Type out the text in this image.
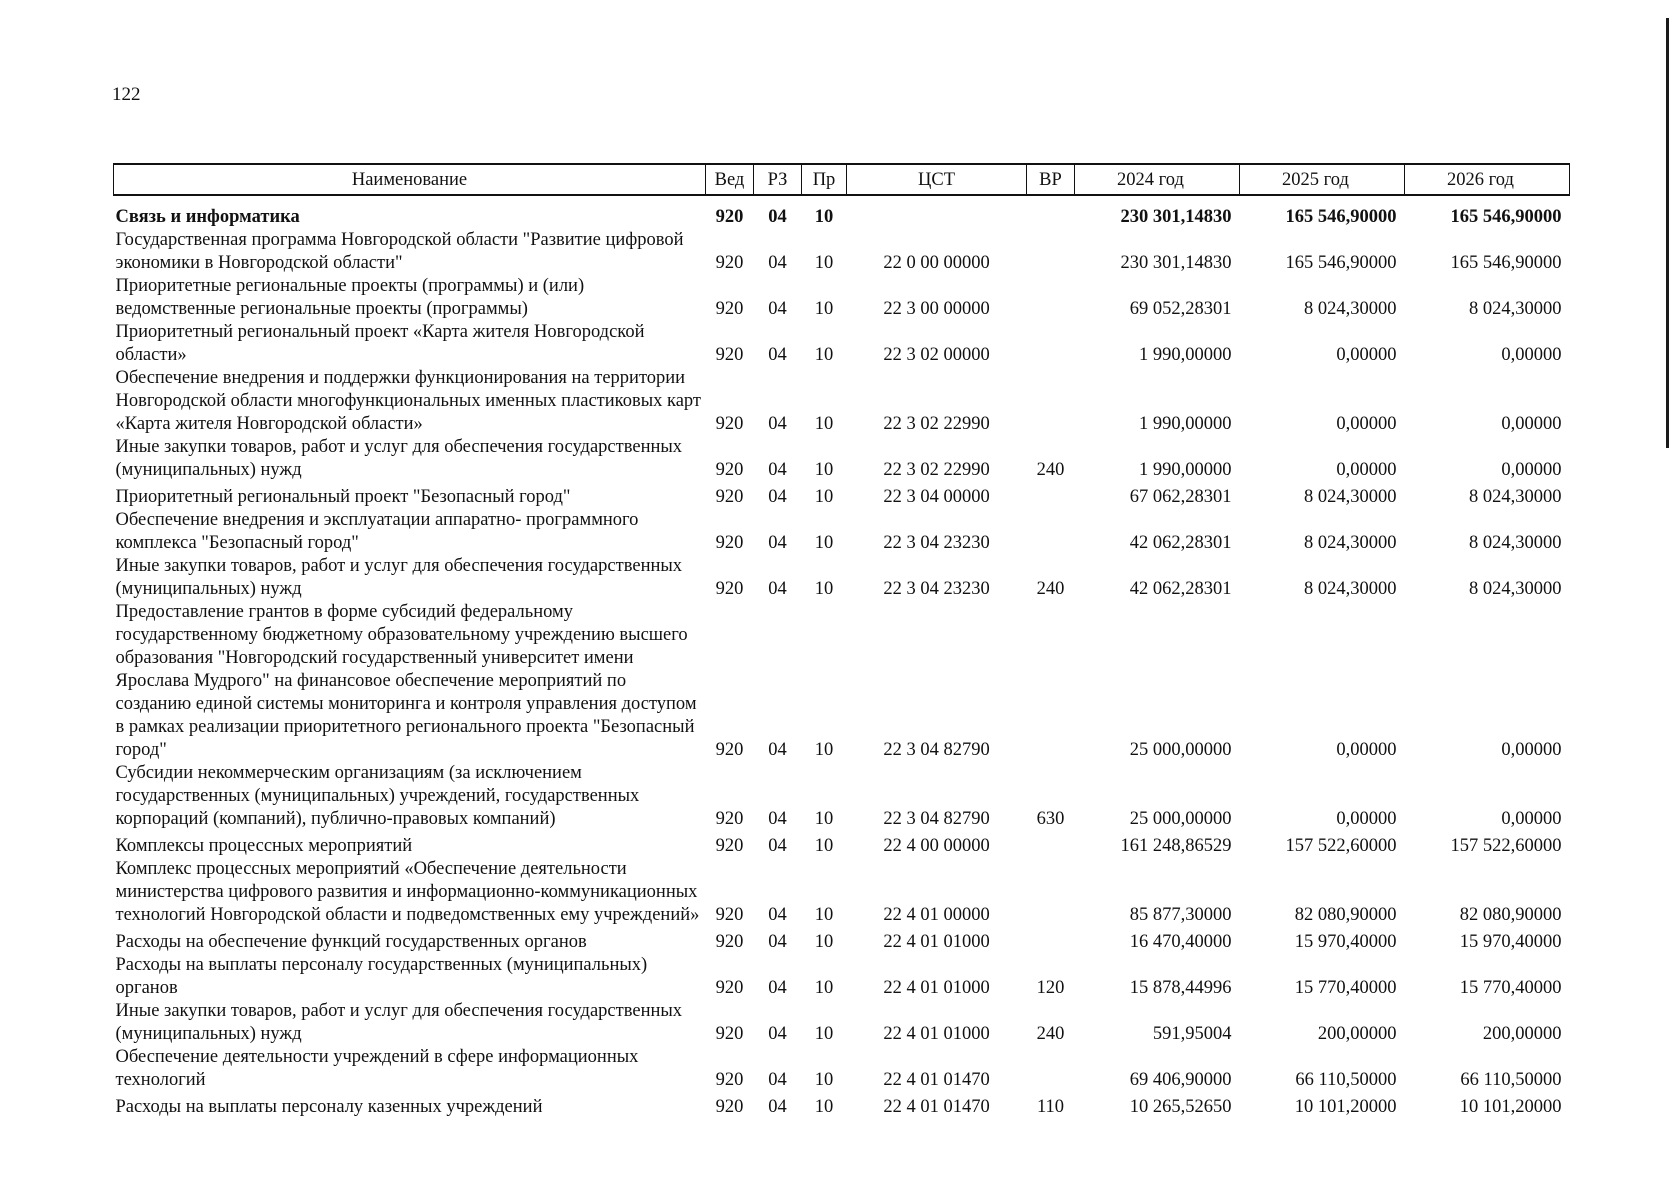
122
Наименование	Вед	РЗ	Пр	ЦСТ	ВР	2024 год	2025 год	2026 год
Связь и информатика	920	04	10			230 301,14830	165 546,90000	165 546,90000
Государственная программа Новгородской области "Развитие цифровой экономики в Новгородской области"	920	04	10	22 0 00 00000		230 301,14830	165 546,90000	165 546,90000
Приоритетные региональные проекты (программы) и (или) ведомственные региональные проекты (программы)	920	04	10	22 3 00 00000		69 052,28301	8 024,30000	8 024,30000
Приоритетный региональный проект «Карта жителя Новгородской области»	920	04	10	22 3 02 00000		1 990,00000	0,00000	0,00000
Обеспечение внедрения и поддержки функционирования на территории Новгородской области многофункциональных именных пластиковых карт «Карта жителя Новгородской области»	920	04	10	22 3 02 22990		1 990,00000	0,00000	0,00000
Иные закупки товаров, работ и услуг для обеспечения государственных (муниципальных) нужд	920	04	10	22 3 02 22990	240	1 990,00000	0,00000	0,00000
Приоритетный региональный проект "Безопасный город"	920	04	10	22 3 04 00000		67 062,28301	8 024,30000	8 024,30000
Обеспечение внедрения и эксплуатации аппаратно- программного комплекса "Безопасный город"	920	04	10	22 3 04 23230		42 062,28301	8 024,30000	8 024,30000
Иные закупки товаров, работ и услуг для обеспечения государственных (муниципальных) нужд	920	04	10	22 3 04 23230	240	42 062,28301	8 024,30000	8 024,30000
Предоставление грантов в форме субсидий федеральному государственному бюджетному образовательному учреждению высшего образования "Новгородский государственный университет имени Ярослава Мудрого" на финансовое обеспечение мероприятий по созданию единой системы мониторинга и контроля управления доступом в рамках реализации приоритетного регионального проекта "Безопасный город"	920	04	10	22 3 04 82790		25 000,00000	0,00000	0,00000
Субсидии некоммерческим организациям (за исключением государственных (муниципальных) учреждений, государственных корпораций (компаний), публично-правовых компаний)	920	04	10	22 3 04 82790	630	25 000,00000	0,00000	0,00000
Комплексы процессных мероприятий	920	04	10	22 4 00 00000		161 248,86529	157 522,60000	157 522,60000
Комплекс процессных мероприятий «Обеспечение деятельности министерства цифрового развития и информационно-коммуникационных технологий Новгородской области и подведомственных ему учреждений»	920	04	10	22 4 01 00000		85 877,30000	82 080,90000	82 080,90000
Расходы на обеспечение функций государственных органов	920	04	10	22 4 01 01000		16 470,40000	15 970,40000	15 970,40000
Расходы на выплаты персоналу государственных (муниципальных) органов	920	04	10	22 4 01 01000	120	15 878,44996	15 770,40000	15 770,40000
Иные закупки товаров, работ и услуг для обеспечения государственных (муниципальных) нужд	920	04	10	22 4 01 01000	240	591,95004	200,00000	200,00000
Обеспечение деятельности учреждений в сфере информационных технологий	920	04	10	22 4 01 01470		69 406,90000	66 110,50000	66 110,50000
Расходы на выплаты персоналу казенных учреждений	920	04	10	22 4 01 01470	110	10 265,52650	10 101,20000	10 101,20000
